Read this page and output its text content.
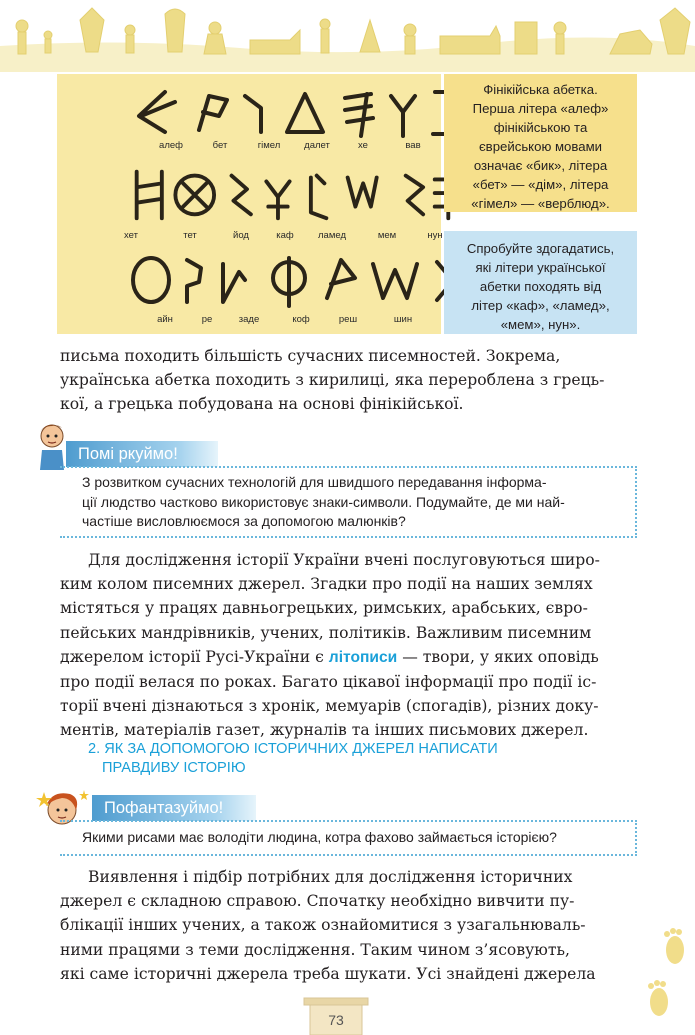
алеф	бет	гімел	далет	хе	вав
хет	тет	йод	каф	ламед	мем	нун
айн	ре	заде	коф	реш	шин
Фінікійська абетка.
Перша літера «алеф»
фінікійською та
єврейською мовами
означає «бик», літера
«бет» — «дім», літера
«гімел» — «верблюд».
Спробуйте здогадатись,
які літери української
абетки походять від
літер «каф», «ламед»,
«мем», нун».
письма походить більшість сучасних писемностей. Зокрема,
українська абетка походить з кирилиці, яка перероблена з грець-
кої, а грецька побудована на основі фінікійської.
Помі ркуймо!
З розвитком сучасних технологій для швидшого передавання інформа-
ції людство частково використовує знаки-символи. Подумайте, де ми най-
частіше висловлюємося за допомогою малюнків?
Для дослідження історії України вчені послуговуються широ-
ким колом писемних джерел. Згадки про події на наших землях
містяться у працях давньогрецьких, римських, арабських, євро-
пейських мандрівників, учених, політиків. Важливим писемним
джерелом історії Русі-України є літописи — твори, у яких оповідь
про події велася по роках. Багато цікавої інформації про події іс-
торії вчені дізнаються з хронік, мемуарів (спогадів), різних доку-
ментів, матеріалів газет, журналів та інших письмових джерел.
2. ЯК ЗА ДОПОМОГОЮ ІСТОРИЧНИХ ДЖЕРЕЛ НАПИСАТИ
ПРАВДИВУ ІСТОРІЮ
Пофантазуймо!
Якими рисами має володіти людина, котра фахово займається історією?
Виявлення і підбір потрібних для дослідження історичних
джерел є складною справою. Спочатку необхідно вивчити пу-
блікації інших учених, а також ознайомитися з узагальнюваль-
ними працями з теми дослідження. Таким чином з’ясовують,
які саме історичні джерела треба шукати. Усі знайдені джерела
73
